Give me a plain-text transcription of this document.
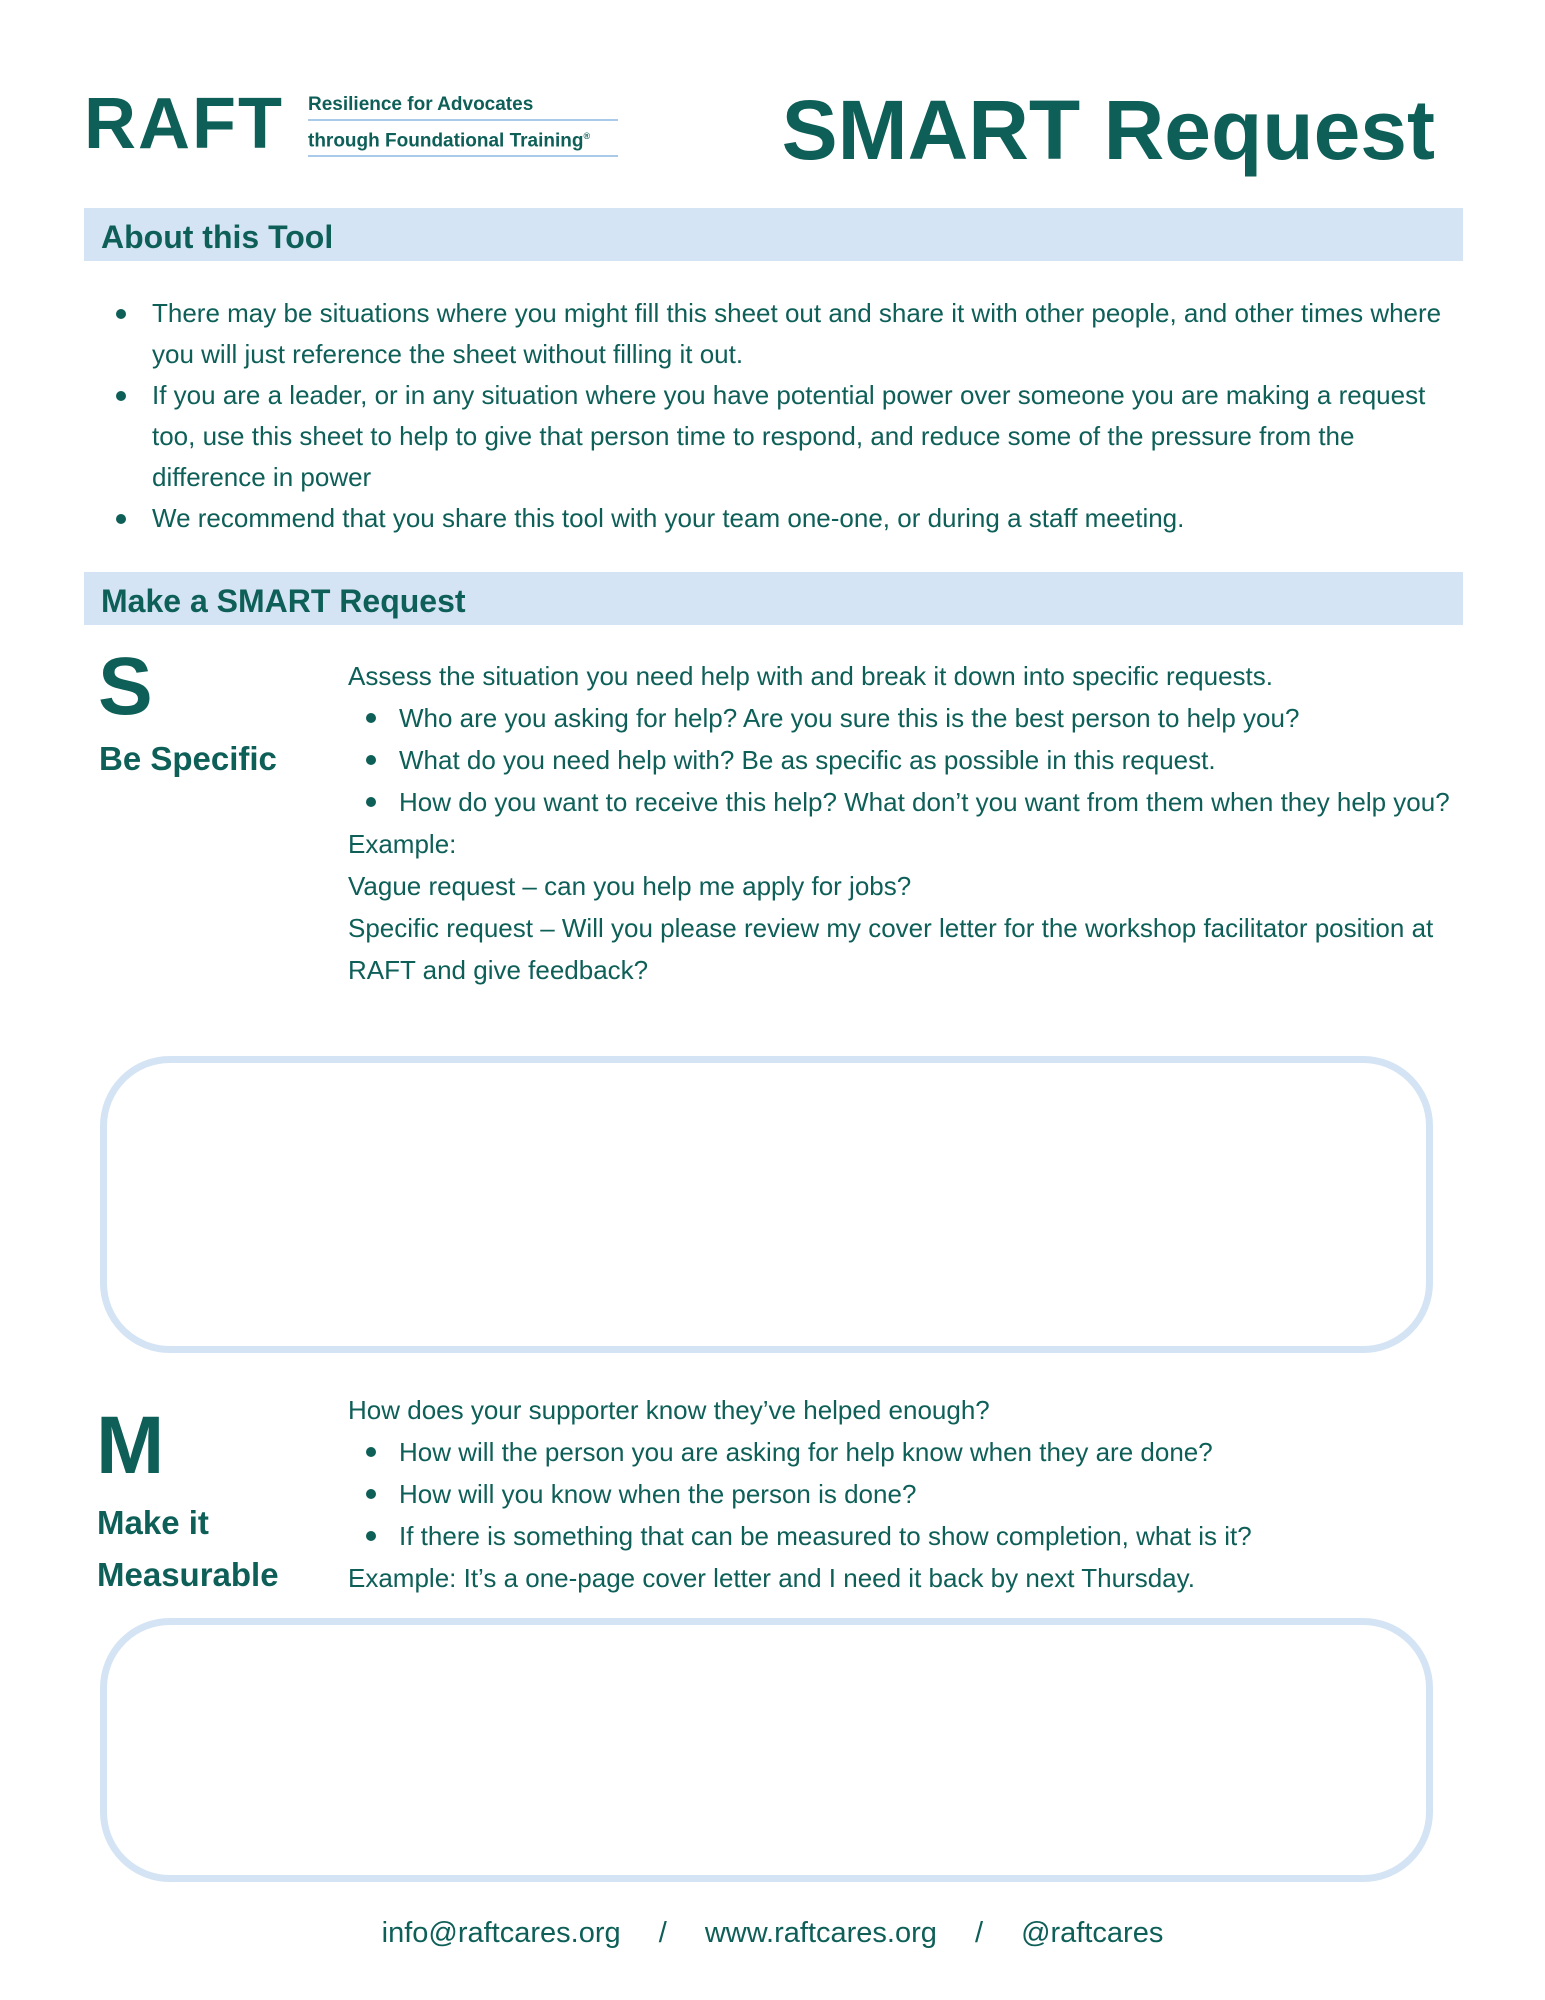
RAFT Resilience for Advocates
through Foundational Training®	SMART Request
About this Tool
There may be situations where you might fill this sheet out and share it with other people, and other times where you will just reference the sheet without filling it out.
If you are a leader, or in any situation where you have potential power over someone you are making a request too, use this sheet to help to give that person time to respond, and reduce some of the pressure from the difference in power
We recommend that you share this tool with your team one-one, or during a staff meeting.
Make a SMART Request
S
Be Specific
Assess the situation you need help with and break it down into specific requests.
Who are you asking for help? Are you sure this is the best person to help you?
What do you need help with? Be as specific as possible in this request.
How do you want to receive this help? What don’t you want from them when they help you?
Example:
Vague request – can you help me apply for jobs?
Specific request – Will you please review my cover letter for the workshop facilitator position at RAFT and give feedback?
M
Make it
Measurable
How does your supporter know they’ve helped enough?
How will the person you are asking for help know when they are done?
How will you know when the person is done?
If there is something that can be measured to show completion, what is it?
Example: It’s a one-page cover letter and I need it back by next Thursday.
info@raftcares.org / www.raftcares.org / @raftcares
